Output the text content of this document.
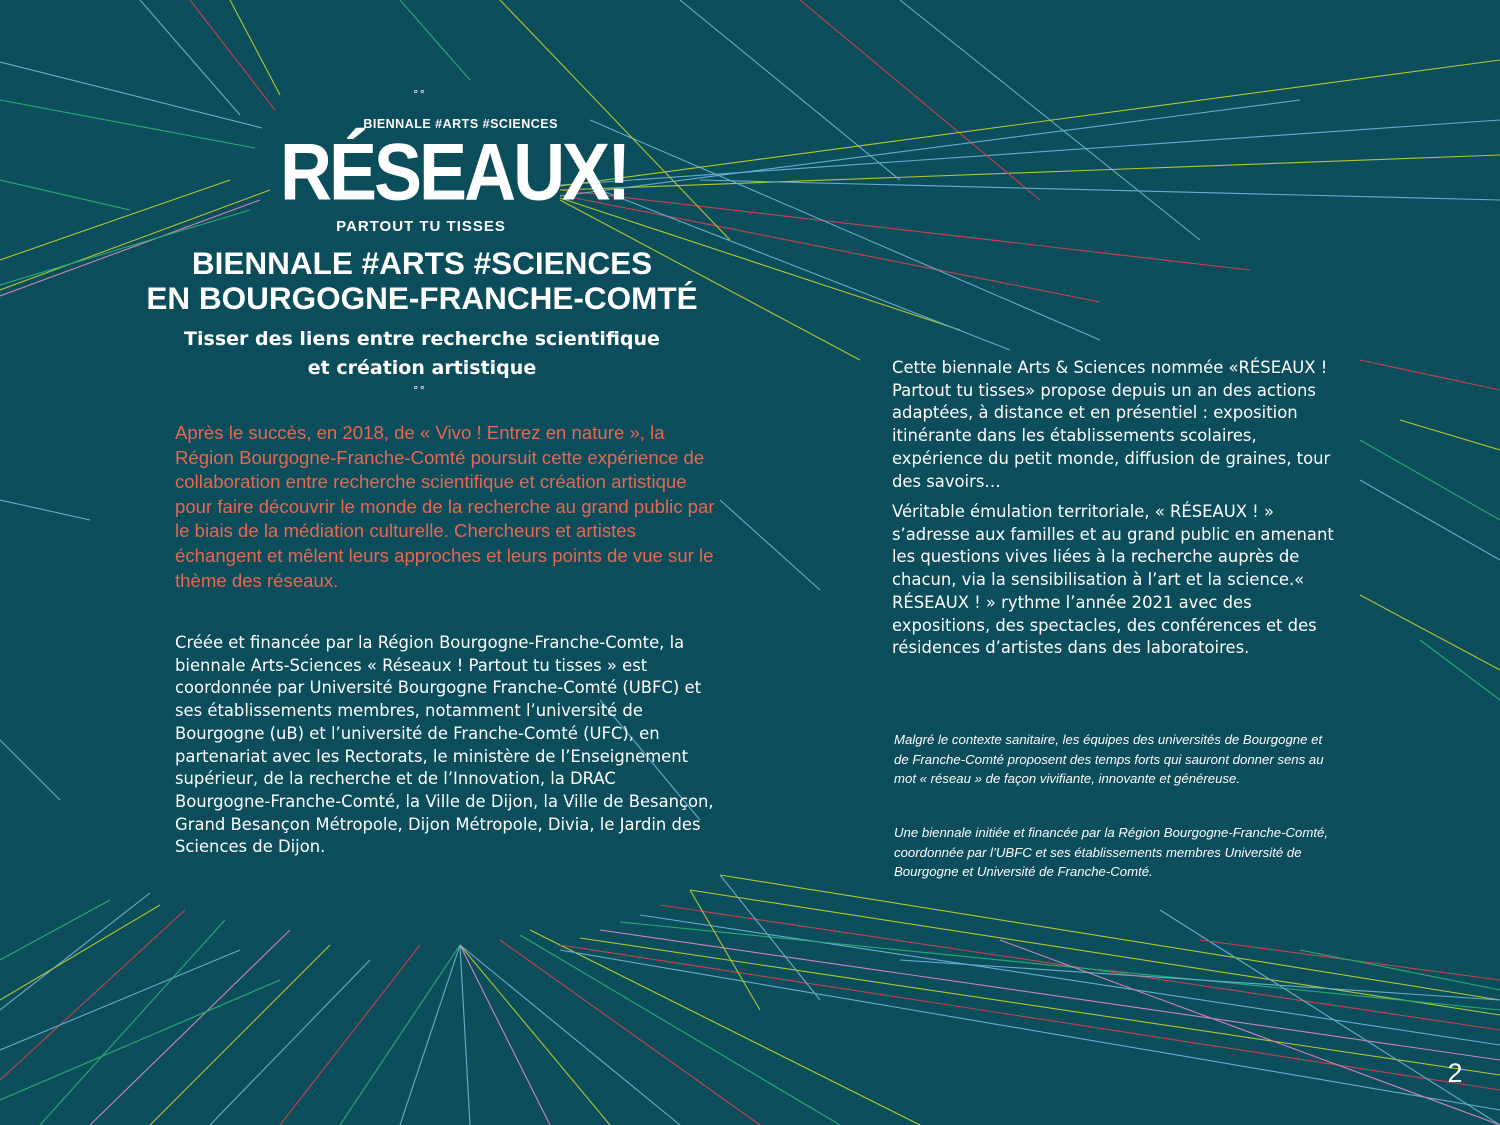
°°
BIENNALE #ARTS #SCIENCES
RÉSEAUX!
PARTOUT TU TISSES
BIENNALE #ARTS #SCIENCES
EN BOURGOGNE-FRANCHE-COMTÉ
Tisser des liens entre recherche scientifique
et création artistique
°°

Après le succès, en 2018, de « Vivo ! Entrez en nature », la Région Bourgogne-Franche-Comté poursuit cette expérience de collaboration entre recherche scientifique et création artistique pour faire découvrir le monde de la recherche au grand public par le biais de la médiation culturelle. Chercheurs et artistes échangent et mêlent leurs approches et leurs points de vue sur le thème des réseaux.

Créée et financée par la Région Bourgogne-Franche-Comte, la biennale Arts-Sciences « Réseaux ! Partout tu tisses » est coordonnée par Université Bourgogne Franche-Comté (UBFC) et ses établissements membres, notamment l’université de Bourgogne (uB) et l’université de Franche-Comté (UFC), en partenariat avec les Rectorats, le ministère de l’Enseignement supérieur, de la recherche et de l’Innovation, la DRAC Bourgogne-Franche-Comté, la Ville de Dijon, la Ville de Besançon, Grand Besançon Métropole, Dijon Métropole, Divia, le Jardin des Sciences de Dijon.

Cette biennale Arts & Sciences nommée «RÉSEAUX ! Partout tu tisses» propose depuis un an des actions adaptées, à distance et en présentiel : exposition itinérante dans les établissements scolaires, expérience du petit monde, diffusion de graines, tour des savoirs…

Véritable émulation territoriale, « RÉSEAUX ! » s’adresse aux familles et au grand public en amenant les questions vives liées à la recherche auprès de chacun, via la sensibilisation à l’art et la science.« RÉSEAUX ! » rythme l’année 2021 avec des expositions, des spectacles, des conférences et des résidences d’artistes dans des laboratoires.

Malgré le contexte sanitaire, les équipes des universités de Bourgogne et de Franche-Comté proposent des temps forts qui sauront donner sens au mot « réseau » de façon vivifiante, innovante et généreuse.

Une biennale initiée et financée par la Région Bourgogne-Franche-Comté, coordonnée par l’UBFC et ses établissements membres Université de Bourgogne et Université de Franche-Comté.

2
